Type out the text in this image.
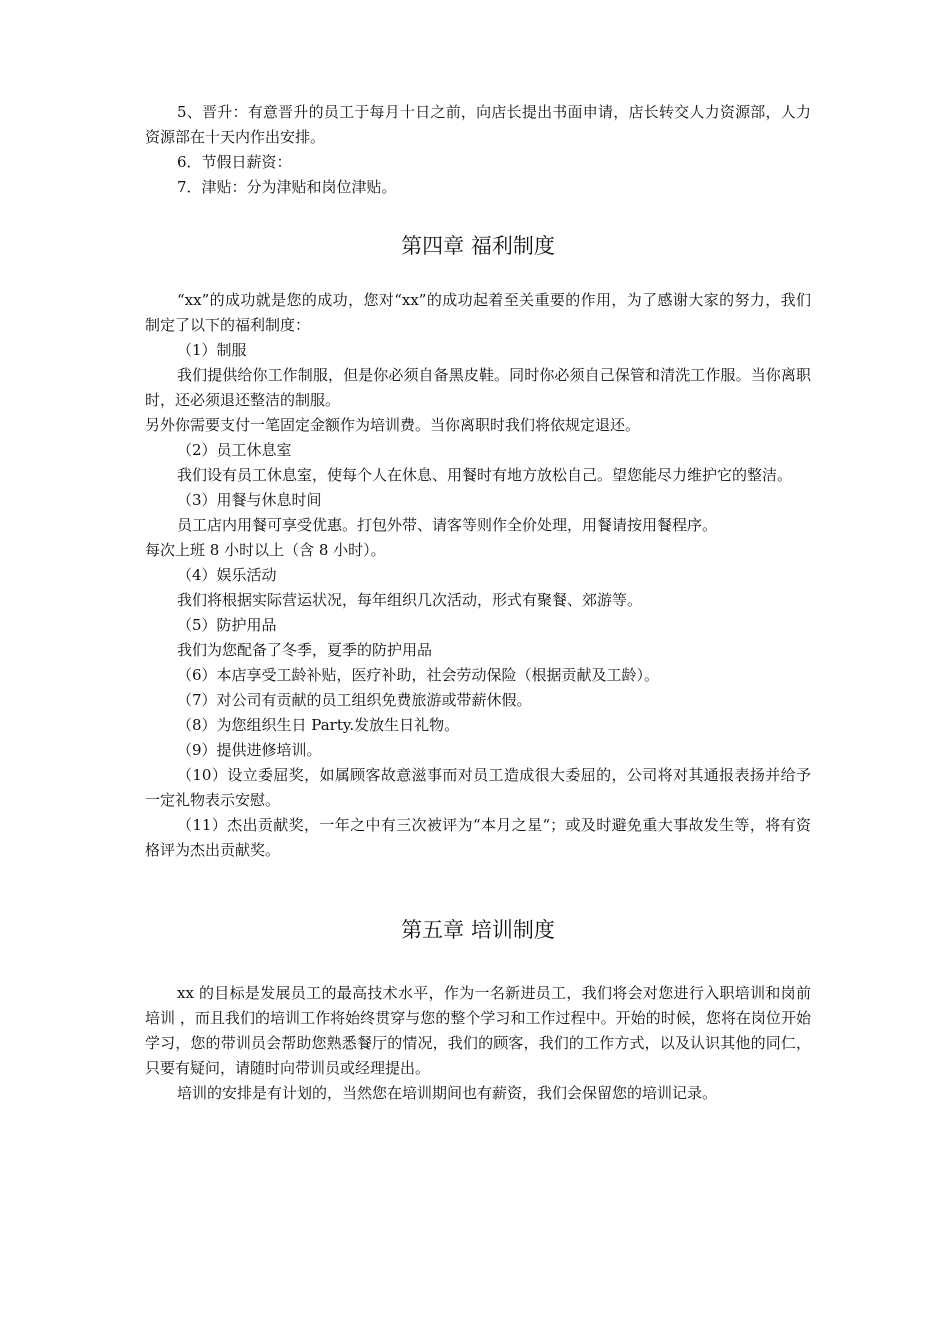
5、晋升：有意晋升的员工于每月十日之前，向店长提出书面申请，店长转交人力资源部，人力资源部在十天内作出安排。

6．节假日薪资：

7．津贴：分为津贴和岗位津贴。

第四章 福利制度

“xx”的成功就是您的成功，您对“xx”的成功起着至关重要的作用，为了感谢大家的努力，我们制定了以下的福利制度：

（1）制服

我们提供给你工作制服，但是你必须自备黑皮鞋。同时你必须自己保管和清洗工作服。当你离职时，还必须退还整洁的制服。

另外你需要支付一笔固定金额作为培训费。当你离职时我们将依规定退还。

（2）员工休息室

我们设有员工休息室，使每个人在休息、用餐时有地方放松自己。望您能尽力维护它的整洁。

（3）用餐与休息时间

员工店内用餐可享受优惠。打包外带、请客等则作全价处理，用餐请按用餐程序。

每次上班 8 小时以上（含 8 小时）。

（4）娱乐活动

我们将根据实际营运状况，每年组织几次活动，形式有聚餐、郊游等。

（5）防护用品

我们为您配备了冬季，夏季的防护用品

（6）本店享受工龄补贴，医疗补助，社会劳动保险（根据贡献及工龄）。

（7）对公司有贡献的员工组织免费旅游或带薪休假。

（8）为您组织生日 Party.发放生日礼物。

（9）提供进修培训。

（10）设立委屈奖，如属顾客故意滋事而对员工造成很大委屈的，公司将对其通报表扬并给予一定礼物表示安慰。

（11）杰出贡献奖，一年之中有三次被评为“本月之星“；或及时避免重大事故发生等，将有资格评为杰出贡献奖。

第五章 培训制度

xx 的目标是发展员工的最高技术水平，作为一名新进员工，我们将会对您进行入职培训和岗前培训 ，而且我们的培训工作将始终贯穿与您的整个学习和工作过程中。开始的时候，您将在岗位开始学习，您的带训员会帮助您熟悉餐厅的情况，我们的顾客，我们的工作方式，以及认识其他的同仁，只要有疑问，请随时向带训员或经理提出。

培训的安排是有计划的，当然您在培训期间也有薪资，我们会保留您的培训记录。
